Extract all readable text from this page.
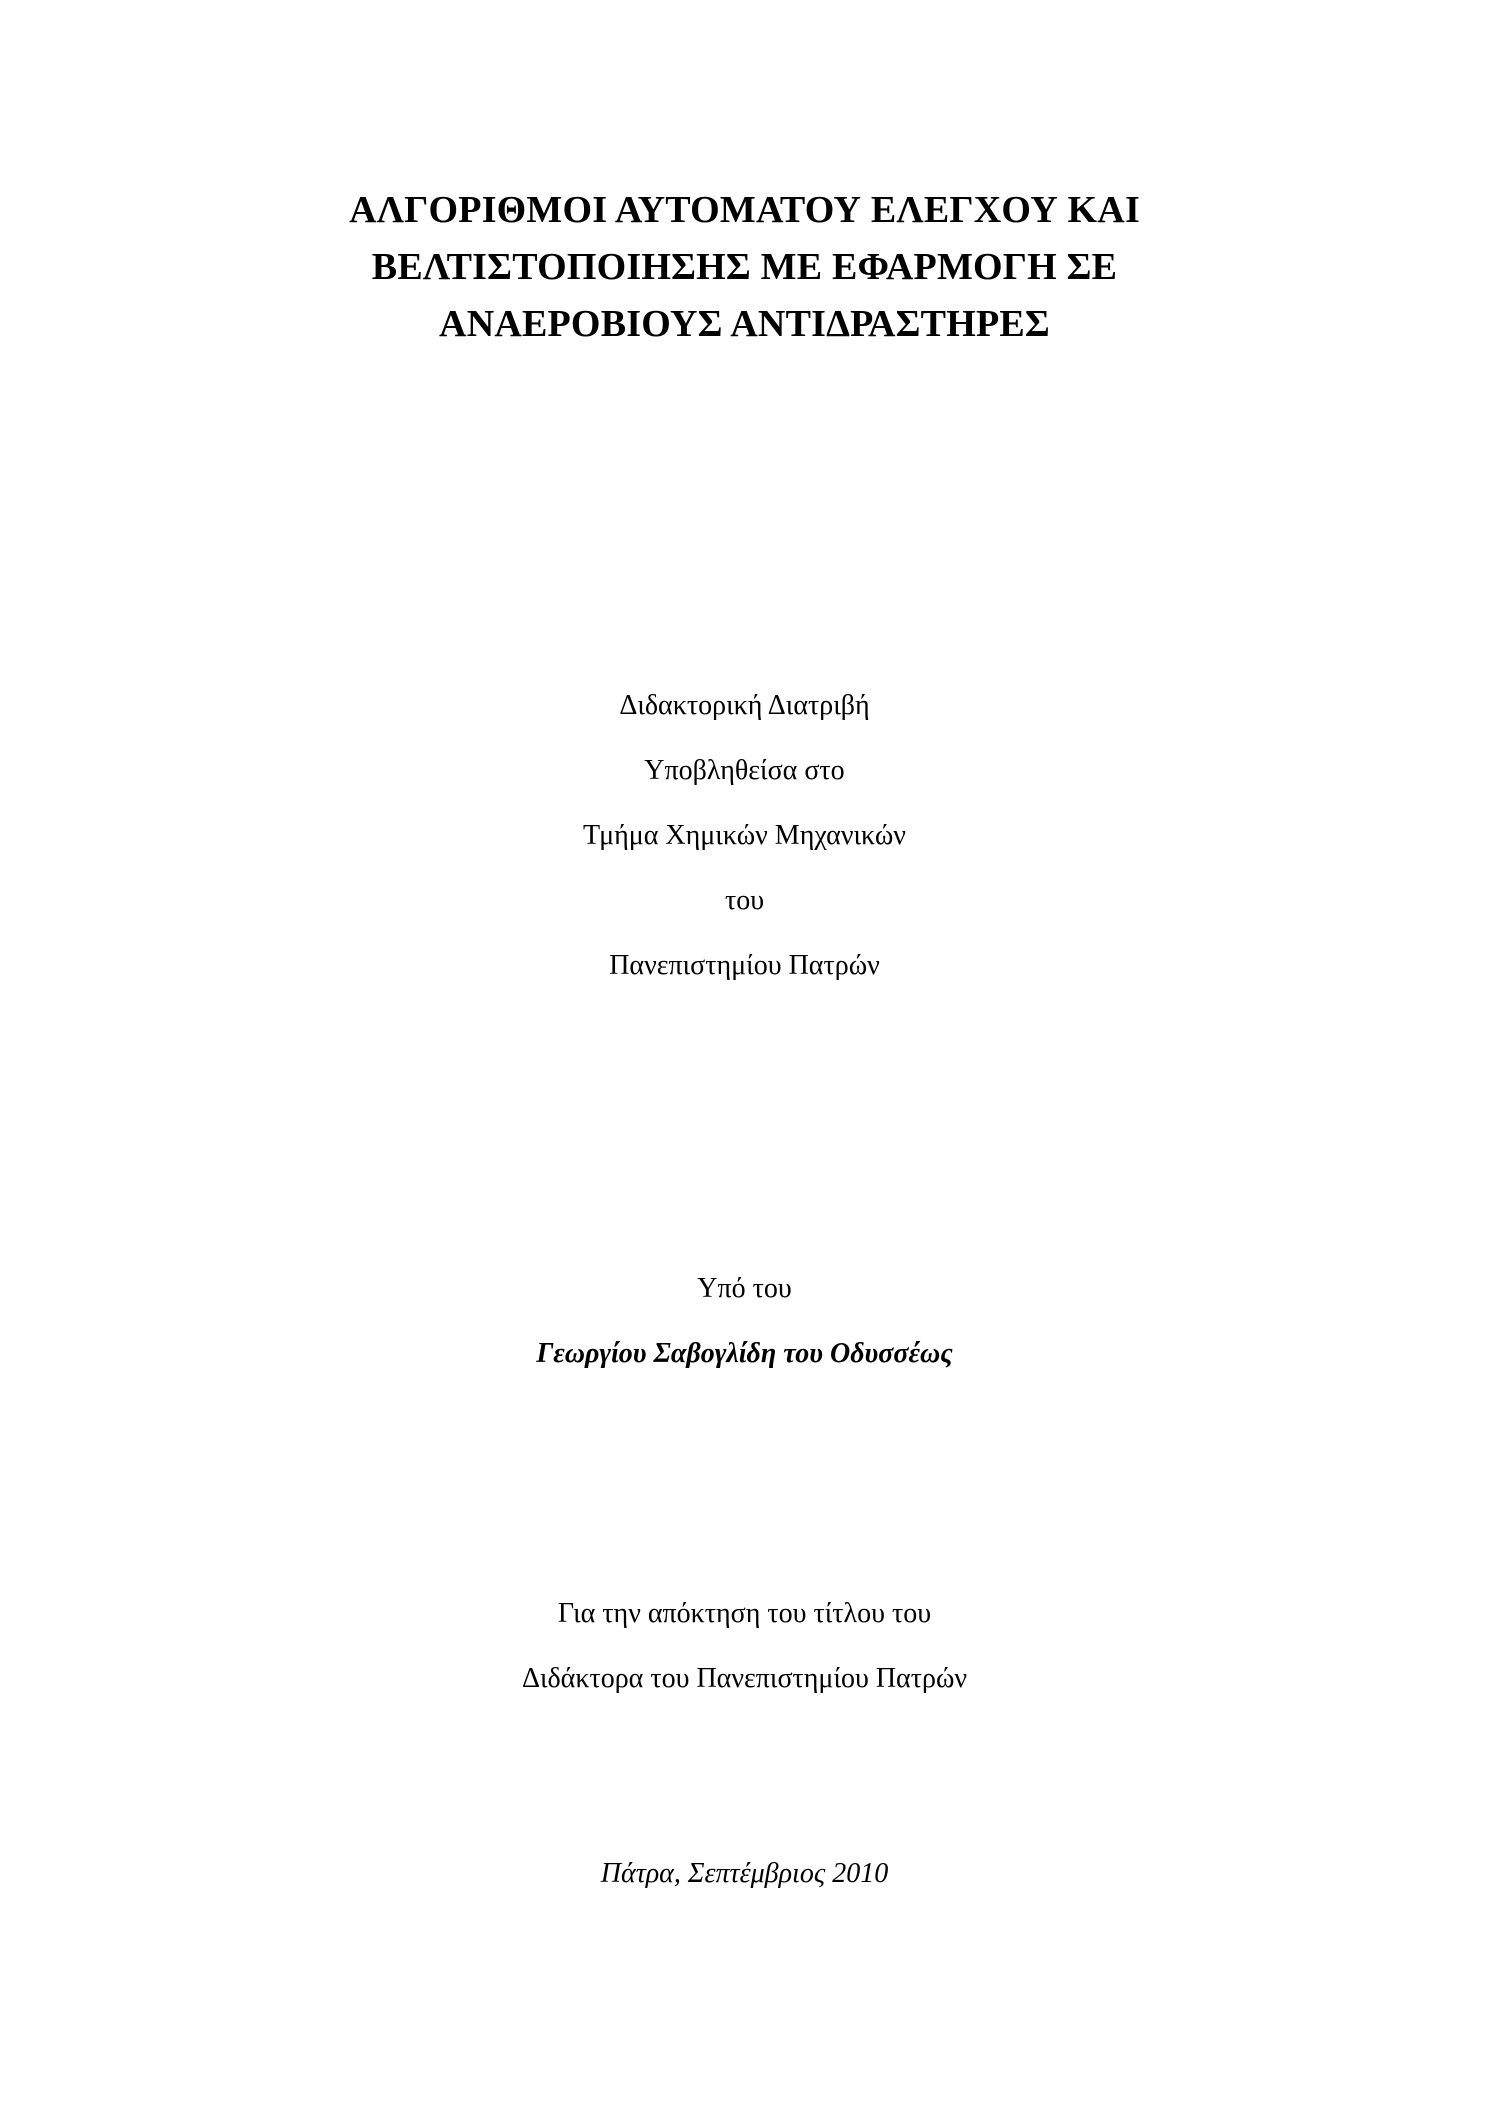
ΑΛΓΟΡΙΘΜΟΙ ΑΥΤΟΜΑΤΟΥ ΕΛΕΓΧΟΥ ΚΑΙ
ΒΕΛΤΙΣΤΟΠΟΙΗΣΗΣ ΜΕ ΕΦΑΡΜΟΓΗ ΣΕ
ΑΝΑΕΡΟΒΙΟΥΣ ΑΝΤΙΔΡΑΣΤΗΡΕΣ
Διδακτορική Διατριβή
Υποβληθείσα στο
Τμήμα Χημικών Μηχανικών
του
Πανεπιστημίου Πατρών
Υπό του
Γεωργίου Σαβογλίδη του Οδυσσέως
Για την απόκτηση του τίτλου του
Διδάκτορα του Πανεπιστημίου Πατρών
Πάτρα, Σεπτέμβριος 2010
